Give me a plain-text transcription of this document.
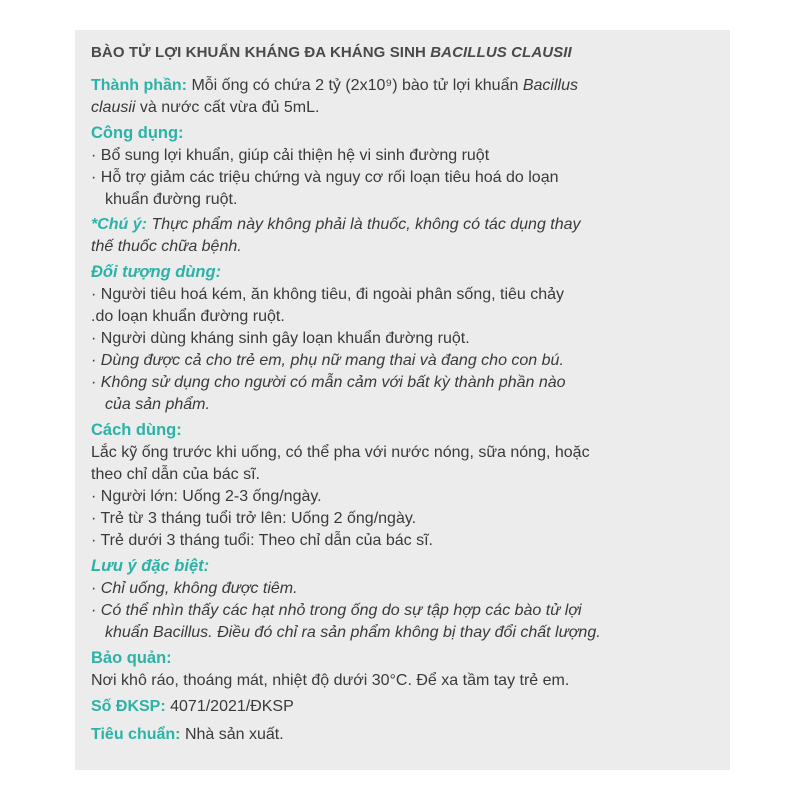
BÀO TỬ LỢI KHUẨN KHÁNG ĐA KHÁNG SINH BACILLUS CLAUSII
Thành phần: Mỗi ống có chứa 2 tỷ (2x10⁹) bào tử lợi khuẩn Bacillus
clausii và nước cất vừa đủ 5mL.
Công dụng:
· Bổ sung lợi khuẩn, giúp cải thiện hệ vi sinh đường ruột
· Hỗ trợ giảm các triệu chứng và nguy cơ rối loạn tiêu hoá do loạn
khuẩn đường ruột.
*Chú ý: Thực phẩm này không phải là thuốc, không có tác dụng thay
thế thuốc chữa bệnh.
Đối tượng dùng:
· Người tiêu hoá kém, ăn không tiêu, đi ngoài phân sống, tiêu chảy
.do loạn khuẩn đường ruột.
· Người dùng kháng sinh gây loạn khuẩn đường ruột.
· Dùng được cả cho trẻ em, phụ nữ mang thai và đang cho con bú.
· Không sử dụng cho người có mẫn cảm với bất kỳ thành phần nào
của sản phẩm.
Cách dùng:
Lắc kỹ ống trước khi uống, có thể pha với nước nóng, sữa nóng, hoặc
theo chỉ dẫn của bác sĩ.
· Người lớn: Uống 2-3 ống/ngày.
· Trẻ từ 3 tháng tuổi trở lên: Uống 2 ống/ngày.
· Trẻ dưới 3 tháng tuổi: Theo chỉ dẫn của bác sĩ.
Lưu ý đặc biệt:
· Chỉ uống, không được tiêm.
· Có thể nhìn thấy các hạt nhỏ trong ống do sự tập hợp các bào tử lợi
khuẩn Bacillus. Điều đó chỉ ra sản phẩm không bị thay đổi chất lượng.
Bảo quản:
Nơi khô ráo, thoáng mát, nhiệt độ dưới 30°C. Để xa tầm tay trẻ em.
Số ĐKSP: 4071/2021/ĐKSP
Tiêu chuẩn: Nhà sản xuất.
